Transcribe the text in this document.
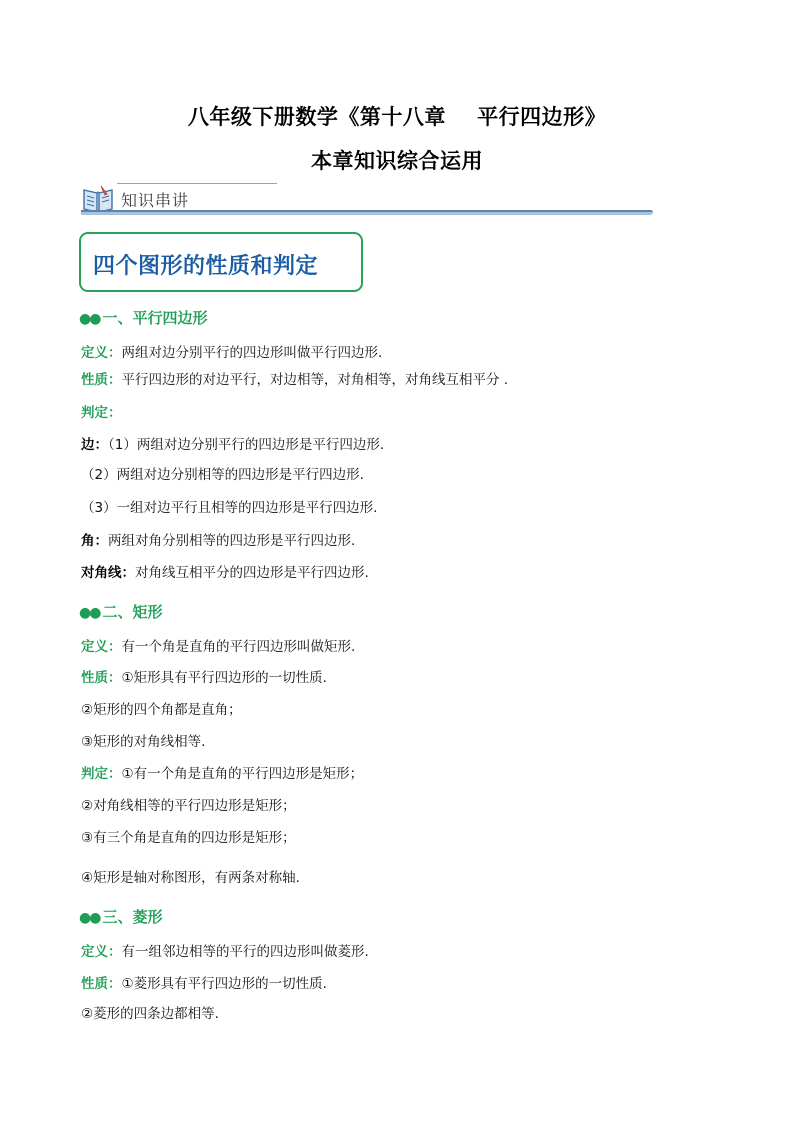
八年级下册数学《第十八章    平行四边形》
本章知识综合运用
知识串讲
四个图形的性质和判定
●● 一、平行四边形
定义：两组对边分别平行的四边形叫做平行四边形.
性质：平行四边形的对边平行，对边相等，对角相等，对角线互相平分 .
判定：
边：（1）两组对边分别平行的四边形是平行四边形.
（2）两组对边分别相等的四边形是平行四边形.
（3）一组对边平行且相等的四边形是平行四边形.
角：两组对角分别相等的四边形是平行四边形.
对角线：对角线互相平分的四边形是平行四边形.
●● 二、矩形
定义：有一个角是直角的平行四边形叫做矩形.
性质：①矩形具有平行四边形的一切性质.
②矩形的四个角都是直角；
③矩形的对角线相等.
判定：①有一个角是直角的平行四边形是矩形；
②对角线相等的平行四边形是矩形；
③有三个角是直角的四边形是矩形；
④矩形是轴对称图形，有两条对称轴.
●● 三、菱形
定义：有一组邻边相等的平行的四边形叫做菱形.
性质：①菱形具有平行四边形的一切性质.
②菱形的四条边都相等.
